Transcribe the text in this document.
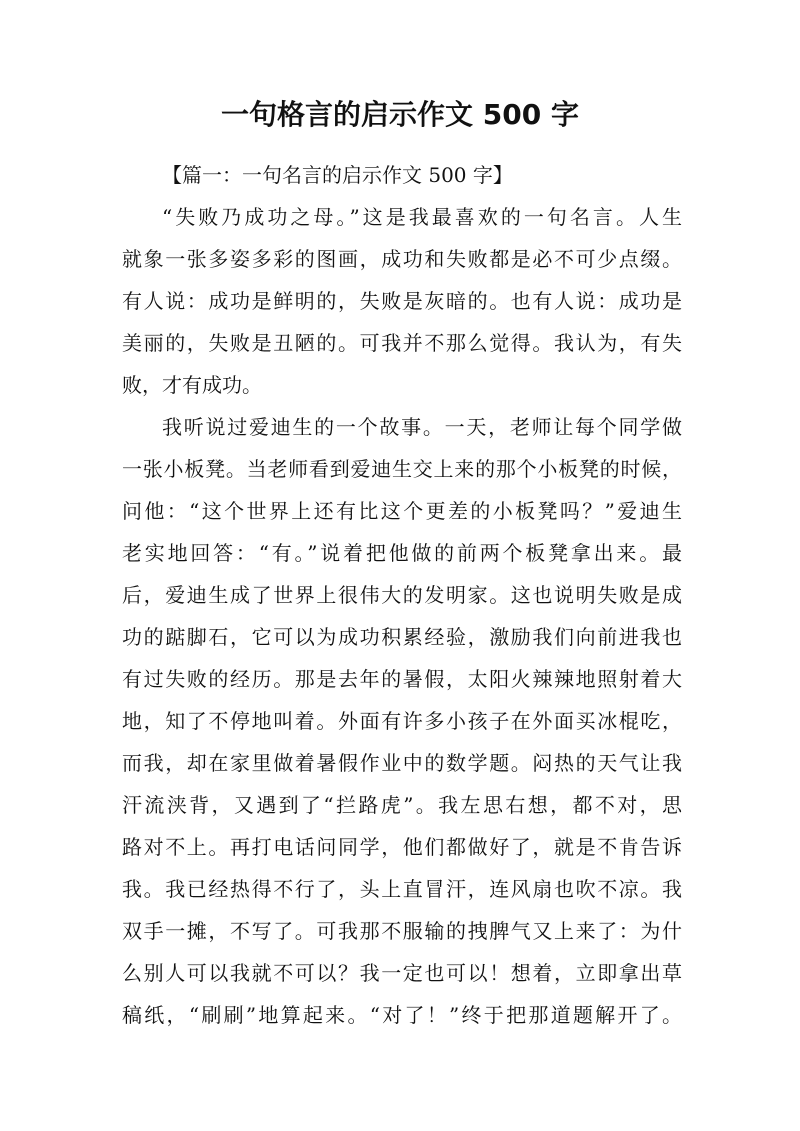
一句格言的启示作文 500 字

【篇一：一句名言的启示作文 500 字】

“失败乃成功之母。”这是我最喜欢的一句名言。人生

就象一张多姿多彩的图画，成功和失败都是必不可少点缀。

有人说：成功是鲜明的，失败是灰暗的。也有人说：成功是

美丽的，失败是丑陋的。可我并不那么觉得。我认为，有失

败，才有成功。

我听说过爱迪生的一个故事。一天，老师让每个同学做

一张小板凳。当老师看到爱迪生交上来的那个小板凳的时候，

问他：“这个世界上还有比这个更差的小板凳吗？”爱迪生

老实地回答：“有。”说着把他做的前两个板凳拿出来。最

后，爱迪生成了世界上很伟大的发明家。这也说明失败是成

功的踮脚石，它可以为成功积累经验，激励我们向前进我也

有过失败的经历。那是去年的暑假，太阳火辣辣地照射着大

地，知了不停地叫着。外面有许多小孩子在外面买冰棍吃，

而我，却在家里做着暑假作业中的数学题。闷热的天气让我

汗流浃背，又遇到了“拦路虎”。我左思右想，都不对，思

路对不上。再打电话问同学，他们都做好了，就是不肯告诉

我。我已经热得不行了，头上直冒汗，连风扇也吹不凉。我

双手一摊，不写了。可我那不服输的拽脾气又上来了：为什

么别人可以我就不可以？我一定也可以！想着，立即拿出草

稿纸，“刷刷”地算起来。“对了！”终于把那道题解开了。
